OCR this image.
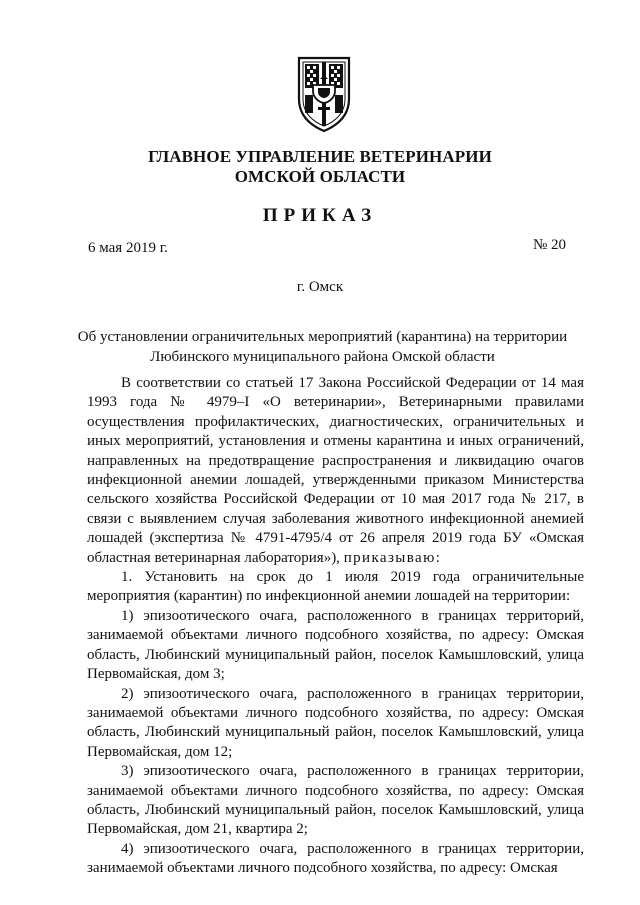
ГЛАВНОЕ УПРАВЛЕНИЕ ВЕТЕРИНАРИИ
ОМСКОЙ ОБЛАСТИ
ПРИКАЗ
6 мая 2019 г.	№ 20
г. Омск
Об установлении ограничительных мероприятий (карантина) на территории
Любинского муниципального района Омской области

В соответствии со статьей 17 Закона Российской Федерации от 14 мая 1993 года № 4979–I «О ветеринарии», Ветеринарными правилами осуществления профилактических, диагностических, ограничительных и иных мероприятий, установления и отмены карантина и иных ограничений, направленных на предотвращение распространения и ликвидацию очагов инфекционной анемии лошадей, утвержденными приказом Министерства сельского хозяйства Российской Федерации от 10 мая 2017 года № 217, в связи с выявлением случая заболевания животного инфекционной анемией лошадей (экспертиза № 4791-4795/4 от 26 апреля 2019 года БУ «Омская областная ветеринарная лаборатория»), приказываю:

1. Установить на срок до 1 июля 2019 года ограничительные мероприятия (карантин) по инфекционной анемии лошадей на территории:

1) эпизоотического очага, расположенного в границах территорий, занимаемой объектами личного подсобного хозяйства, по адресу: Омская область, Любинский муниципальный район, поселок Камышловский, улица Первомайская, дом 3;

2) эпизоотического очага, расположенного в границах территории, занимаемой объектами личного подсобного хозяйства, по адресу: Омская область, Любинский муниципальный район, поселок Камышловский, улица Первомайская, дом 12;

3) эпизоотического очага, расположенного в границах территории, занимаемой объектами личного подсобного хозяйства, по адресу: Омская область, Любинский муниципальный район, поселок Камышловский, улица Первомайская, дом 21, квартира 2;

4) эпизоотического очага, расположенного в границах территории, занимаемой объектами личного подсобного хозяйства, по адресу: Омская
